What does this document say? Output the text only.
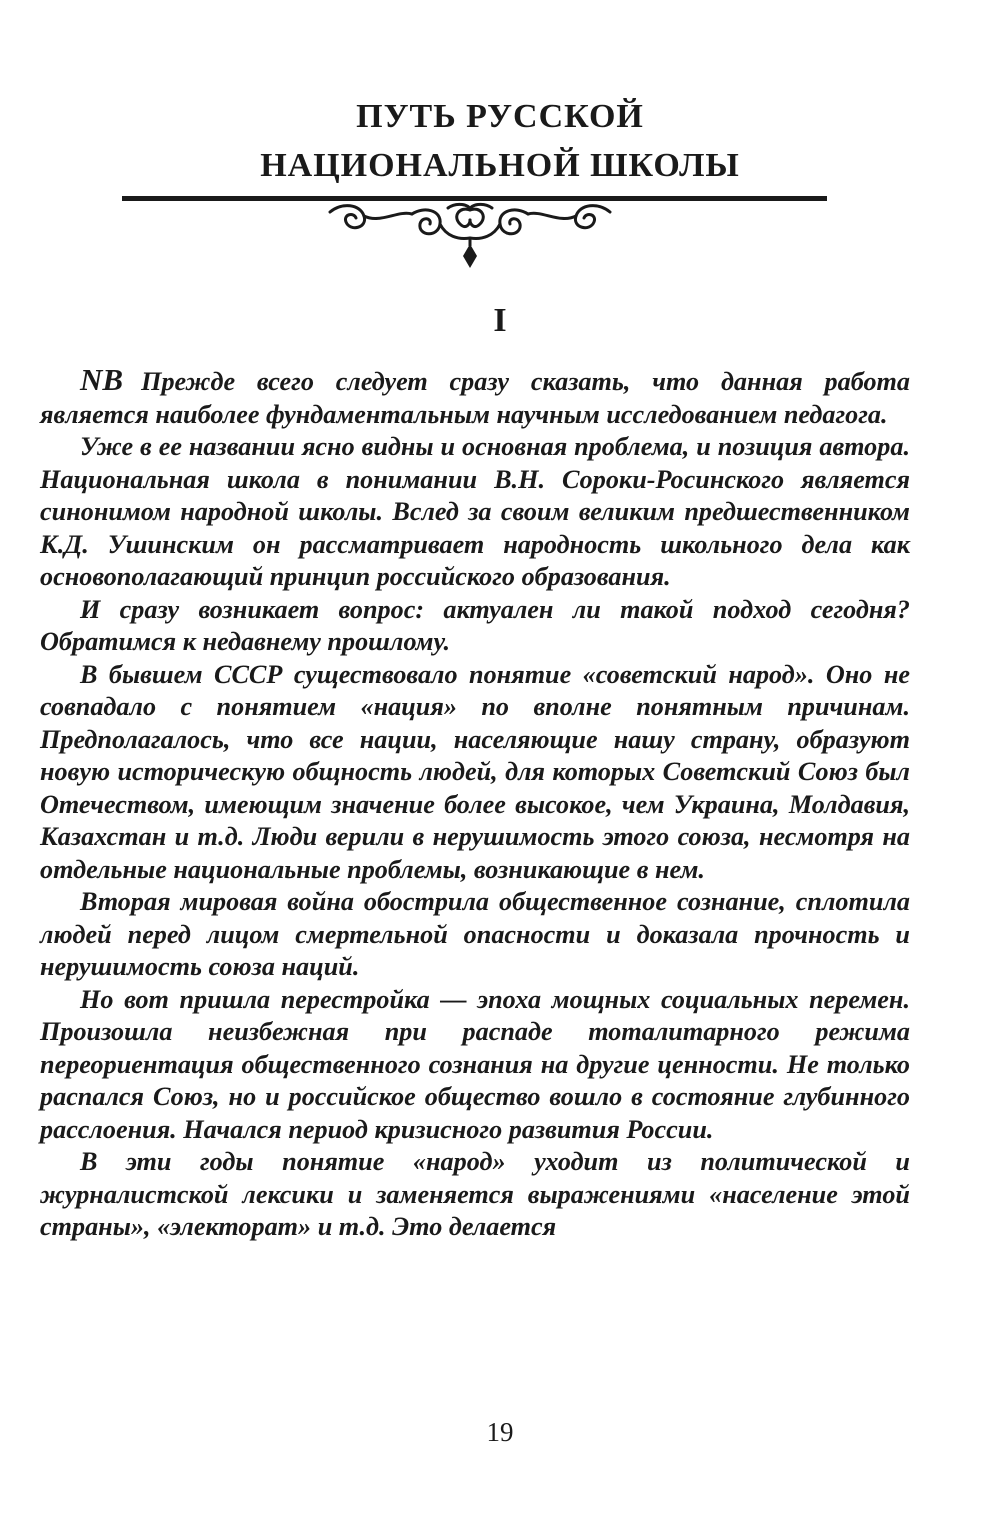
ПУТЬ РУССКОЙ
НАЦИОНАЛЬНОЙ ШКОЛЫ
I

NB Прежде всего следует сразу сказать, что данная работа является наиболее фундаментальным научным исследованием педагога.

Уже в ее названии ясно видны и основная проблема, и позиция автора. Национальная школа в понимании В.Н. Сороки-Росинского является синонимом народной школы. Вслед за своим великим предшественником К.Д. Ушинским он рассматривает народность школьного дела как основополагающий принцип российского образования.

И сразу возникает вопрос: актуален ли такой подход сегодня? Обратимся к недавнему прошлому.

В бывшем СССР существовало понятие «советский народ». Оно не совпадало с понятием «нация» по вполне понятным причинам. Предполагалось, что все нации, населяющие нашу страну, образуют новую историческую общность людей, для которых Советский Союз был Отечеством, имеющим значение более высокое, чем Украина, Молдавия, Казахстан и т.д. Люди верили в нерушимость этого союза, несмотря на отдельные национальные проблемы, возникающие в нем.

Вторая мировая война обострила общественное сознание, сплотила людей перед лицом смертельной опасности и доказала прочность и нерушимость союза наций.

Но вот пришла перестройка — эпоха мощных социальных перемен. Произошла неизбежная при распаде тоталитарного режима переориентация общественного сознания на другие ценности. Не только распался Союз, но и российское общество вошло в состояние глубинного расслоения. Начался период кризисного развития России.

В эти годы понятие «народ» уходит из политической и журналистской лексики и заменяется выражениями «население этой страны», «электорат» и т.д. Это делается

19
